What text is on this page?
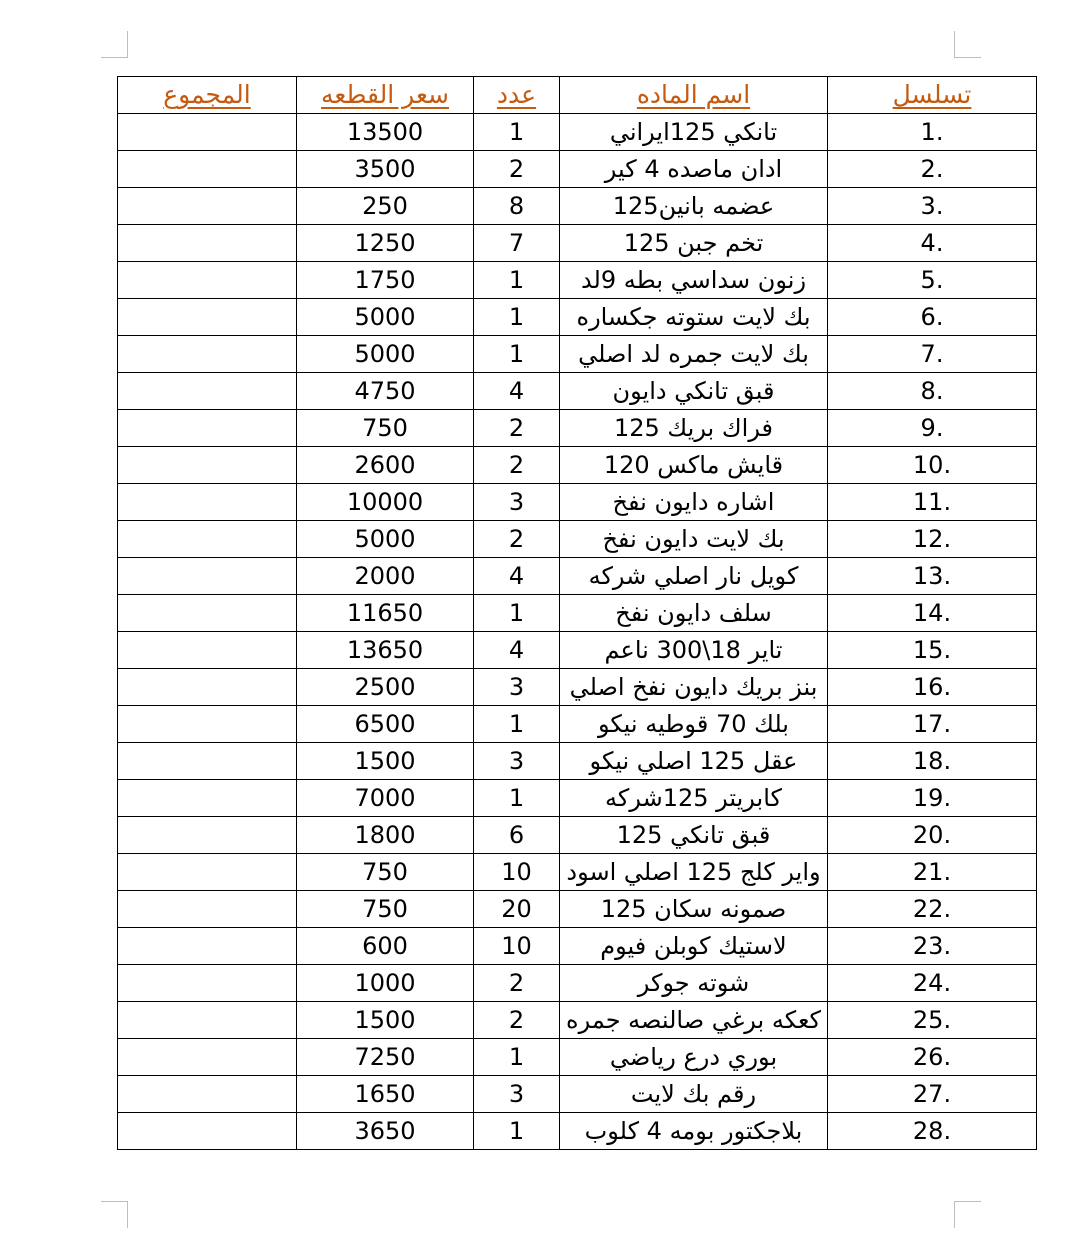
تسلسل	اسم الماده	عدد	سعر القطعه	المجموع
1.	تانكي 125ايراني	1	13500	
2.	ادان ماصده 4 كير	2	3500	
3.	عضمه بانين125	8	250	
4.	تخم جبن 125	7	1250	
5.	زنون سداسي بطه 9لد	1	1750	
6.	بك لايت ستوته جكساره	1	5000	
7.	بك لايت جمره لد اصلي	1	5000	
8.	قبق تانكي دايون	4	4750	
9.	فراك بريك 125	2	750	
10.	قايش ماكس 120	2	2600	
11.	اشاره دايون نفخ	3	10000	
12.	بك لايت دايون نفخ	2	5000	
13.	كويل نار اصلي شركه	4	2000	
14.	سلف دايون نفخ	1	11650	
15.	تاير 18\300 ناعم	4	13650	
16.	بنز بريك دايون نفخ اصلي	3	2500	
17.	بلك 70 قوطيه نيكو	1	6500	
18.	عقل 125 اصلي نيكو	3	1500	
19.	كابريتر 125شركه	1	7000	
20.	قبق تانكي 125	6	1800	
21.	واير كلج 125 اصلي اسود	10	750	
22.	صمونه سكان 125	20	750	
23.	لاستيك كوبلن فيوم	10	600	
24.	شوته جوكر	2	1000	
25.	كعكه برغي صالنصه جمره	2	1500	
26.	بوري درع رياضي	1	7250	
27.	رقم بك لايت	3	1650	
28.	بلاجكتور بومه 4 كلوب	1	3650	
